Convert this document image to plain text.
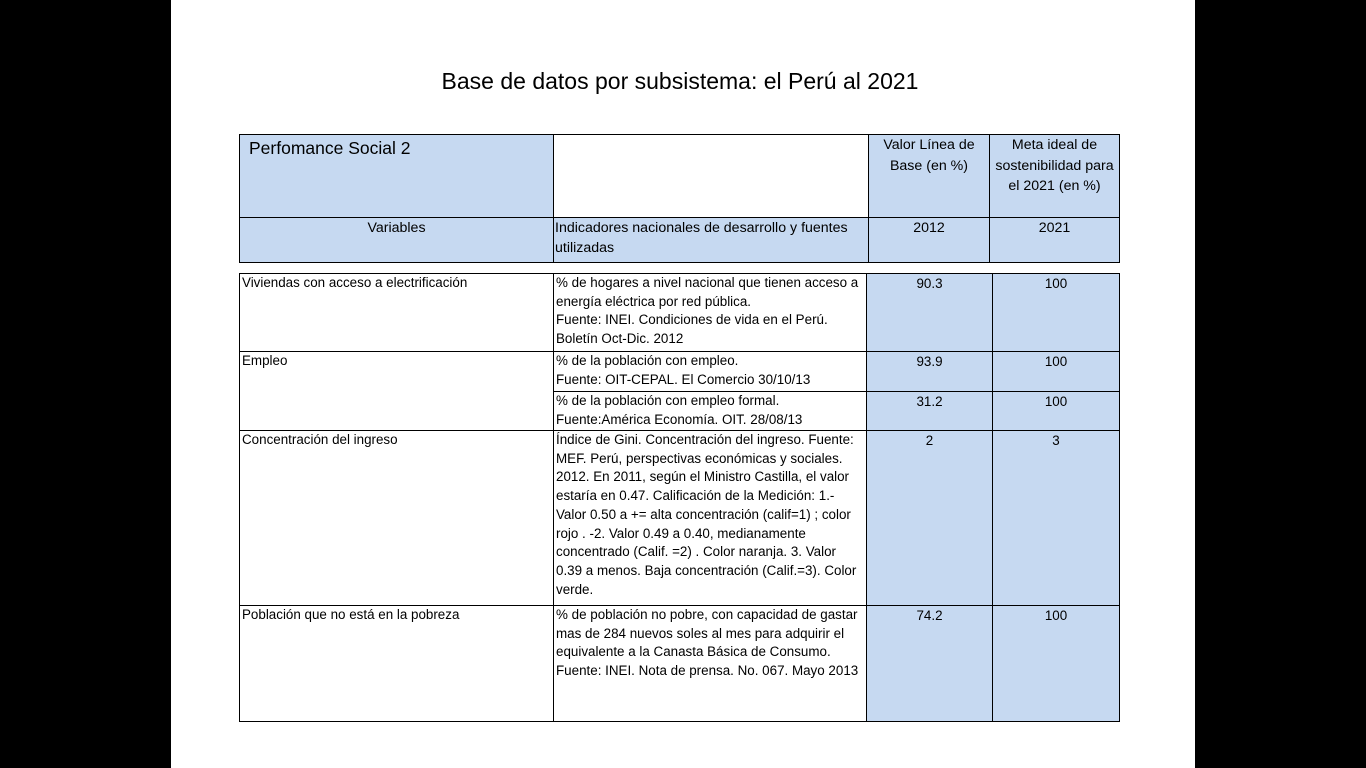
Base de datos por subsistema: el Perú al 2021
Perfomance Social 2		Valor Línea de Base (en %)	Meta ideal de sostenibilidad para el 2021 (en %)
Variables	Indicadores nacionales de desarrollo y fuentes utilizadas	2012	2021
Viviendas con acceso a electrificación	% de hogares a nivel nacional que tienen acceso a energía eléctrica por red pública.
Fuente: INEI. Condiciones de vida en el Perú. Boletín Oct-Dic. 2012	90.3	100
Empleo	% de la población con empleo.
Fuente: OIT-CEPAL. El Comercio 30/10/13	93.9	100
	% de la población con empleo formal.
Fuente:América Economía. OIT. 28/08/13	31.2	100
Concentración del ingreso	Índice de Gini. Concentración del ingreso. Fuente: MEF. Perú, perspectivas económicas y sociales. 2012. En 2011, según el Ministro Castilla, el valor estaría en 0.47. Calificación de la Medición: 1.-Valor 0.50 a += alta concentración (calif=1) ; color rojo . -2. Valor 0.49 a 0.40, medianamente concentrado (Calif. =2) . Color naranja. 3. Valor 0.39 a menos. Baja concentración (Calif.=3). Color verde.	2	3
Población que no está en la pobreza	% de población no pobre, con capacidad de gastar mas de 284 nuevos soles al mes para adquirir el equivalente a la Canasta Básica de Consumo.
Fuente: INEI. Nota de prensa. No. 067. Mayo 2013	74.2	100
